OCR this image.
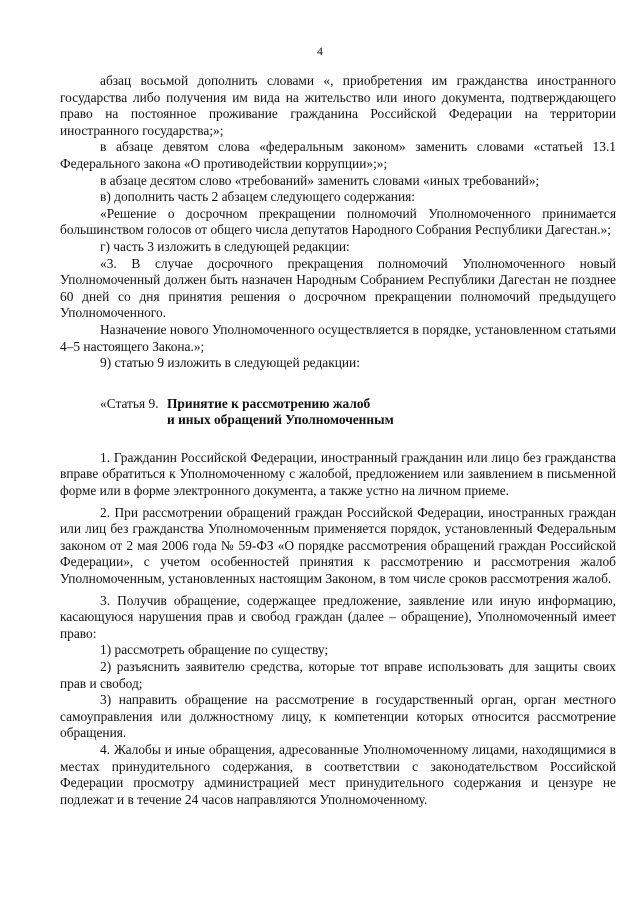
4

абзац восьмой дополнить словами «, приобретения им гражданства иностранного государства либо получения им вида на жительство или иного документа, подтверждающего право на постоянное проживание гражданина Российской Федерации на территории иностранного государства;»;

в абзаце девятом слова «федеральным законом» заменить словами «статьей 13.1 Федерального закона «О противодействии коррупции»;»;

в абзаце десятом слово «требований» заменить словами «иных требований»;

в) дополнить часть 2 абзацем следующего содержания:

«Решение о досрочном прекращении полномочий Уполномоченного принимается большинством голосов от общего числа депутатов Народного Собрания Республики Дагестан.»;

г) часть 3 изложить в следующей редакции:

«3. В случае досрочного прекращения полномочий Уполномоченного новый Уполномоченный должен быть назначен Народным Собранием Республики Дагестан не позднее 60 дней со дня принятия решения о досрочном прекращении полномочий предыдущего Уполномоченного.

Назначение нового Уполномоченного осуществляется в порядке, установленном статьями 4–5 настоящего Закона.»;

9) статью 9 изложить в следующей редакции:

«Статья 9. Принятие к рассмотрению жалоб
и иных обращений Уполномоченным

1. Гражданин Российской Федерации, иностранный гражданин или лицо без гражданства вправе обратиться к Уполномоченному с жалобой, предложением или заявлением в письменной форме или в форме электронного документа, а также устно на личном приеме.

2. При рассмотрении обращений граждан Российской Федерации, иностранных граждан или лиц без гражданства Уполномоченным применяется порядок, установленный Федеральным законом от 2 мая 2006 года № 59-ФЗ «О порядке рассмотрения обращений граждан Российской Федерации», с учетом особенностей принятия к рассмотрению и рассмотрения жалоб Уполномоченным, установленных настоящим Законом, в том числе сроков рассмотрения жалоб.

3. Получив обращение, содержащее предложение, заявление или иную информацию, касающуюся нарушения прав и свобод граждан (далее – обращение), Уполномоченный имеет право:

1) рассмотреть обращение по существу;

2) разъяснить заявителю средства, которые тот вправе использовать для защиты своих прав и свобод;

3) направить обращение на рассмотрение в государственный орган, орган местного самоуправления или должностному лицу, к компетенции которых относится рассмотрение обращения.

4. Жалобы и иные обращения, адресованные Уполномоченному лицами, находящимися в местах принудительного содержания, в соответствии с законодательством Российской Федерации просмотру администрацией мест принудительного содержания и цензуре не подлежат и в течение 24 часов направляются Уполномоченному.
